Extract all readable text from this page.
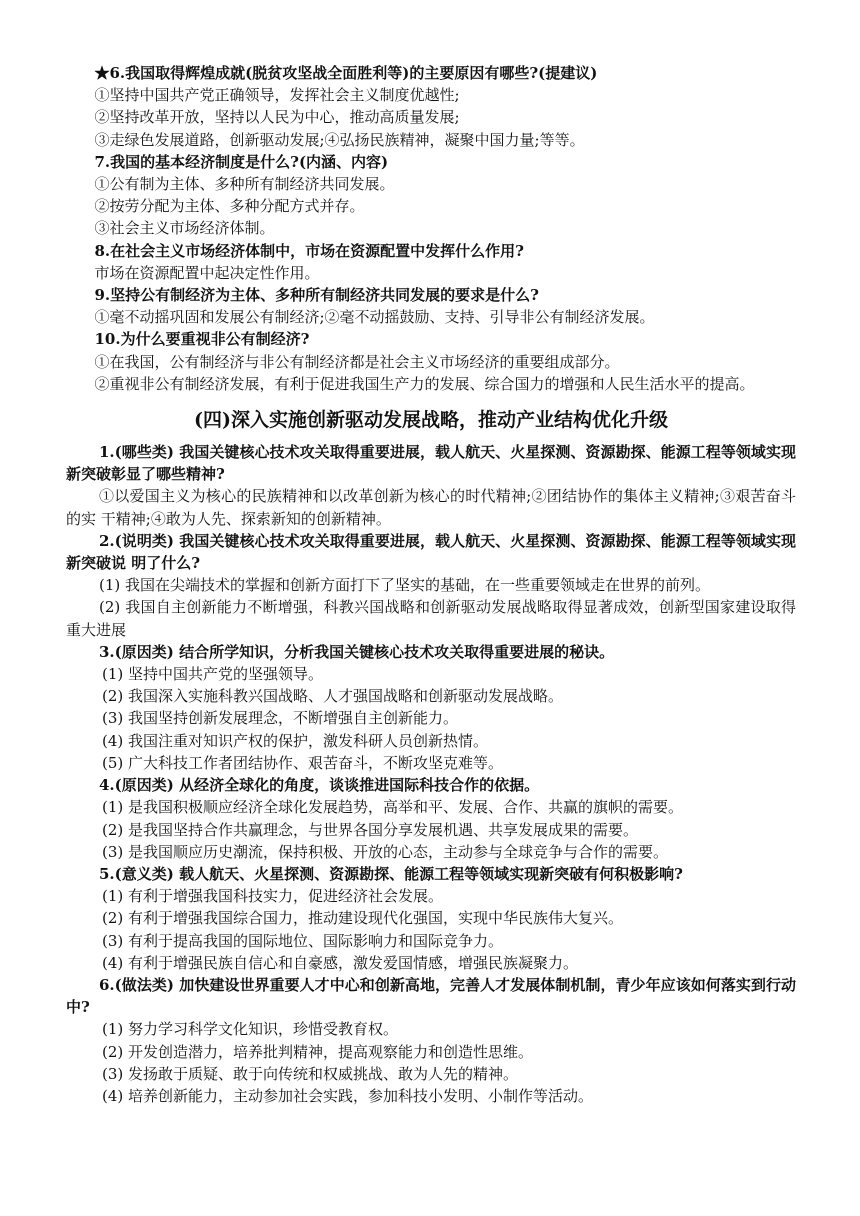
★6.我国取得辉煌成就(脱贫攻坚战全面胜利等)的主要原因有哪些?(提建议)
①坚持中国共产党正确领导，发挥社会主义制度优越性;
②坚持改革开放，坚持以人民为中心，推动高质量发展;
③走绿色发展道路，创新驱动发展;④弘扬民族精神，凝聚中国力量;等等。
7.我国的基本经济制度是什么?(内涵、内容)
①公有制为主体、多种所有制经济共同发展。
②按劳分配为主体、多种分配方式并存。
③社会主义市场经济体制。
8.在社会主义市场经济体制中，市场在资源配置中发挥什么作用?
市场在资源配置中起决定性作用。
9.坚持公有制经济为主体、多种所有制经济共同发展的要求是什么?
①毫不动摇巩固和发展公有制经济;②毫不动摇鼓励、支持、引导非公有制经济发展。
10.为什么要重视非公有制经济?
①在我国，公有制经济与非公有制经济都是社会主义市场经济的重要组成部分。
②重视非公有制经济发展，有利于促进我国生产力的发展、综合国力的增强和人民生活水平的提高。
(四)深入实施创新驱动发展战略，推动产业结构优化升级
1.(哪些类) 我国关键核心技术攻关取得重要进展，载人航天、火星探测、资源勘探、能源工程等领域实现新突破彰显了哪些精神?
①以爱国主义为核心的民族精神和以改革创新为核心的时代精神;②团结协作的集体主义精神;③艰苦奋斗的实 干精神;④敢为人先、探索新知的创新精神。
2.(说明类) 我国关键核心技术攻关取得重要进展，载人航天、火星探测、资源勘探、能源工程等领域实现新突破说 明了什么?
(1) 我国在尖端技术的掌握和创新方面打下了坚实的基础，在一些重要领域走在世界的前列。
(2) 我国自主创新能力不断增强，科教兴国战略和创新驱动发展战略取得显著成效，创新型国家建设取得重大进展
3.(原因类) 结合所学知识，分析我国关键核心技术攻关取得重要进展的秘诀。
(1) 坚持中国共产党的坚强领导。
(2) 我国深入实施科教兴国战略、人才强国战略和创新驱动发展战略。
(3) 我国坚持创新发展理念，不断增强自主创新能力。
(4) 我国注重对知识产权的保护，激发科研人员创新热情。
(5) 广大科技工作者团结协作、艰苦奋斗，不断攻坚克难等。
4.(原因类) 从经济全球化的角度，谈谈推进国际科技合作的依据。
(1) 是我国积极顺应经济全球化发展趋势，高举和平、发展、合作、共赢的旗帜的需要。
(2) 是我国坚持合作共赢理念，与世界各国分享发展机遇、共享发展成果的需要。
(3) 是我国顺应历史潮流，保持积极、开放的心态，主动参与全球竞争与合作的需要。
5.(意义类) 载人航天、火星探测、资源勘探、能源工程等领域实现新突破有何积极影响?
(1) 有利于增强我国科技实力，促进经济社会发展。
(2) 有利于增强我国综合国力，推动建设现代化强国，实现中华民族伟大复兴。
(3) 有利于提高我国的国际地位、国际影响力和国际竞争力。
(4) 有利于增强民族自信心和自豪感，激发爱国情感，增强民族凝聚力。
6.(做法类) 加快建设世界重要人才中心和创新高地，完善人才发展体制机制，青少年应该如何落实到行动中?
(1) 努力学习科学文化知识，珍惜受教育权。
(2) 开发创造潜力，培养批判精神，提高观察能力和创造性思维。
(3) 发扬敢于质疑、敢于向传统和权威挑战、敢为人先的精神。
(4) 培养创新能力，主动参加社会实践，参加科技小发明、小制作等活动。
